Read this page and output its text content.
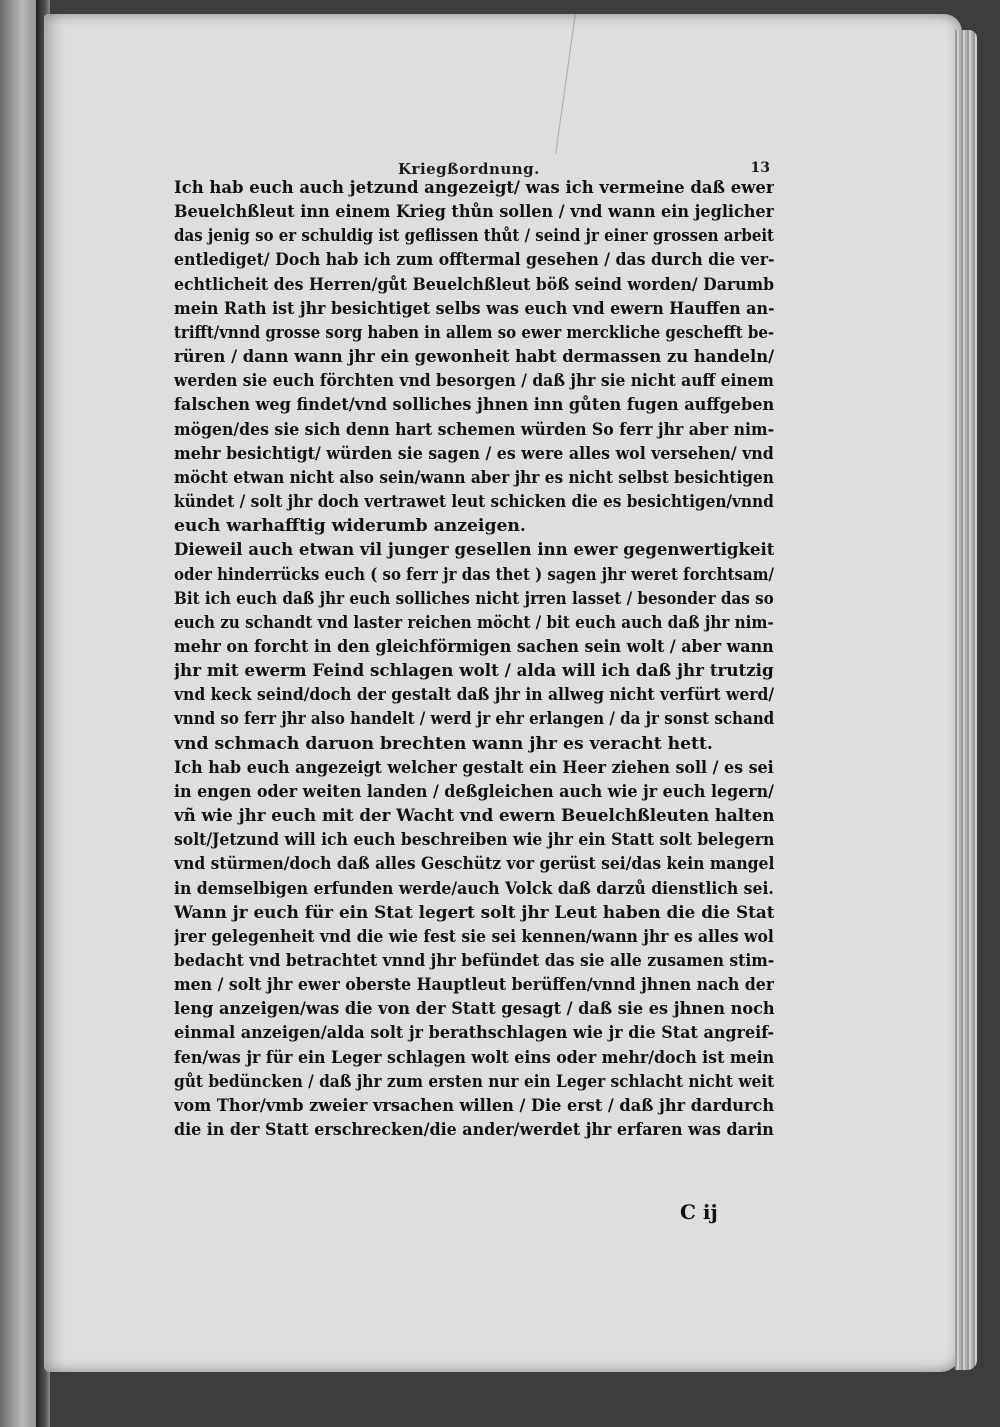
Kriegßordnung.	13
Ich hab euch auch jetzund angezeigt/ was ich vermeine daß ewer
Beuelchßleut inn einem Krieg thůn sollen / vnd wann ein jeglicher
das jenig so er schuldig ist geflissen thůt / seind jr einer grossen arbeit
entlediget/ Doch hab ich zum offtermal gesehen / das durch die ver-
echtlicheit des Herren/gůt Beuelchßleut böß seind worden/ Darumb
mein Rath ist jhr besichtiget selbs was euch vnd ewern Hauffen an-
trifft/vnnd grosse sorg haben in allem so ewer merckliche geschefft be-
rüren / dann wann jhr ein gewonheit habt dermassen zu handeln/
werden sie euch förchten vnd besorgen / daß jhr sie nicht auff einem
falschen weg findet/vnd solliches jhnen inn gůten fugen auffgeben
mögen/des sie sich denn hart schemen würden So ferr jhr aber nim-
mehr besichtigt/ würden sie sagen / es were alles wol versehen/ vnd
möcht etwan nicht also sein/wann aber jhr es nicht selbst besichtigen
kündet / solt jhr doch vertrawet leut schicken die es besichtigen/vnnd
euch warhafftig widerumb anzeigen.
Dieweil auch etwan vil junger gesellen inn ewer gegenwertigkeit
oder hinderrücks euch ( so ferr jr das thet ) sagen jhr weret forchtsam/
Bit ich euch daß jhr euch solliches nicht jrren lasset / besonder das so
euch zu schandt vnd laster reichen möcht / bit euch auch daß jhr nim-
mehr on forcht in den gleichförmigen sachen sein wolt / aber wann
jhr mit ewerm Feind schlagen wolt / alda will ich daß jhr trutzig
vnd keck seind/doch der gestalt daß jhr in allweg nicht verfürt werd/
vnnd so ferr jhr also handelt / werd jr ehr erlangen / da jr sonst schand
vnd schmach daruon brechten wann jhr es veracht hett.
Ich hab euch angezeigt welcher gestalt ein Heer ziehen soll / es sei
in engen oder weiten landen / deßgleichen auch wie jr euch legern/
vñ wie jhr euch mit der Wacht vnd ewern Beuelchßleuten halten
solt/Jetzund will ich euch beschreiben wie jhr ein Statt solt belegern
vnd stürmen/doch daß alles Geschütz vor gerüst sei/das kein mangel
in demselbigen erfunden werde/auch Volck daß darzů dienstlich sei.
Wann jr euch für ein Stat legert solt jhr Leut haben die die Stat
jrer gelegenheit vnd die wie fest sie sei kennen/wann jhr es alles wol
bedacht vnd betrachtet vnnd jhr befündet das sie alle zusamen stim-
men / solt jhr ewer oberste Hauptleut berüffen/vnnd jhnen nach der
leng anzeigen/was die von der Statt gesagt / daß sie es jhnen noch
einmal anzeigen/alda solt jr berathschlagen wie jr die Stat angreif-
fen/was jr für ein Leger schlagen wolt eins oder mehr/doch ist mein
gůt bedüncken / daß jhr zum ersten nur ein Leger schlacht nicht weit
vom Thor/vmb zweier vrsachen willen / Die erst / daß jhr dardurch
die in der Statt erschrecken/die ander/werdet jhr erfaren was darin
C ij
